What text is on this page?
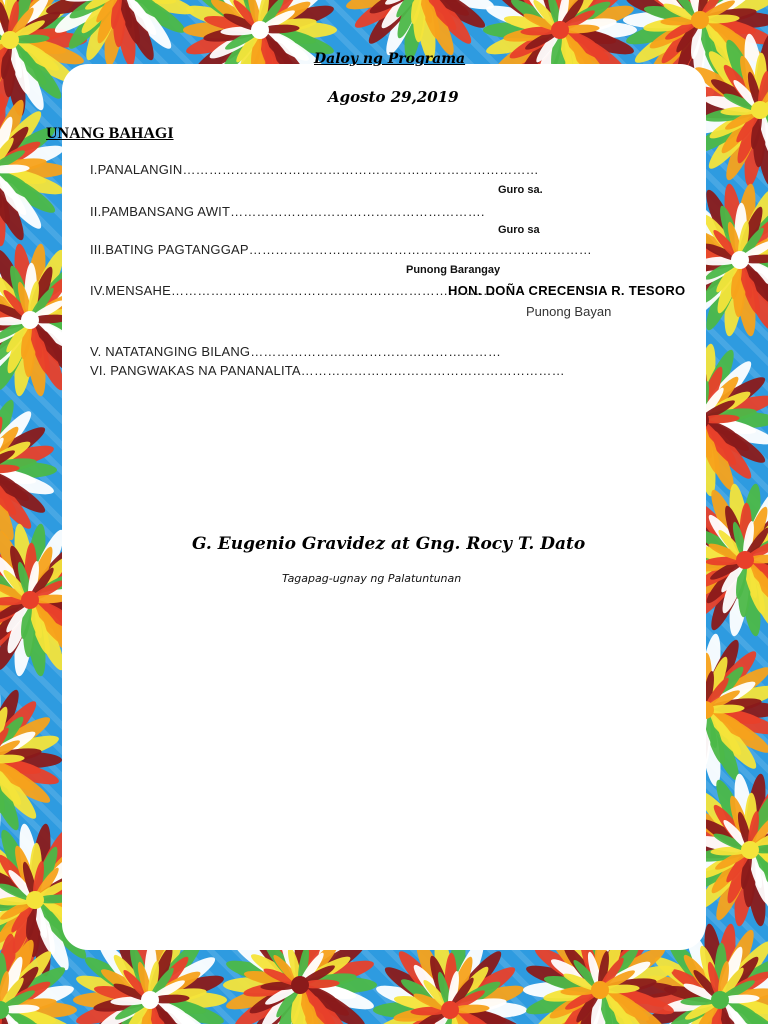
Daloy ng Programa
Agosto 29,2019
UNANG BAHAGI
I.PANALANGIN………………………………………………………………………
Guro sa.
II.PAMBANSANG AWIT………………………………………………….
Guro sa
III.BATING PAGTANGGAP……………………………………………………………………
Punong Barangay
IV.MENSAHE……………………………………………………………….. . .
HON. DOÑA CRECENSIA R. TESORO
Punong Bayan
V. NATATANGING BILANG…………………………………………………
VI. PANGWAKAS NA PANANALITA……………………………………………………
G. Eugenio Gravidez at Gng. Rocy T. Dato
Tagapag-ugnay ng Palatuntunan
